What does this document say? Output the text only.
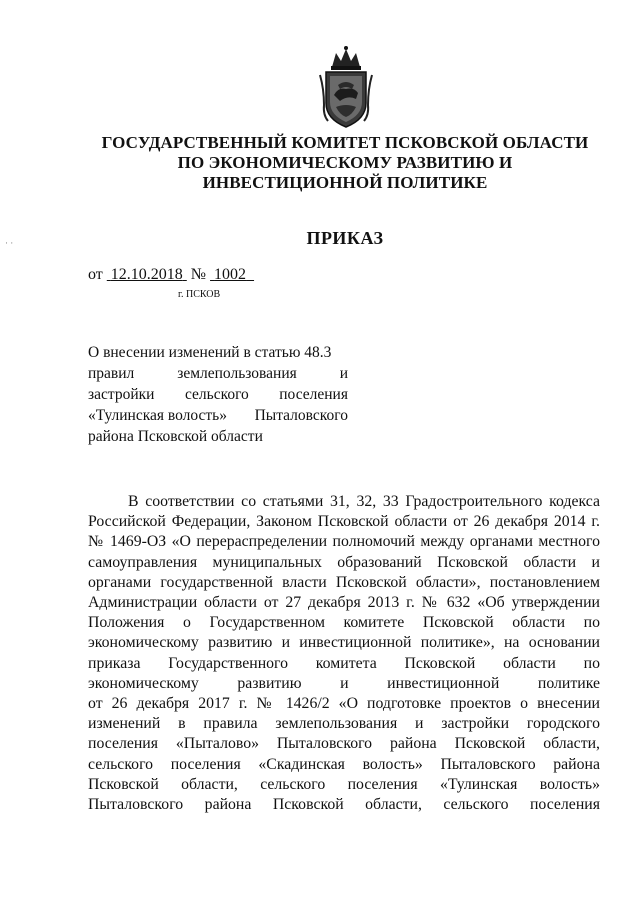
· ·
ГОСУДАРСТВЕННЫЙ КОМИТЕТ ПСКОВСКОЙ ОБЛАСТИ
ПО ЭКОНОМИЧЕСКОМУ РАЗВИТИЮ И
ИНВЕСТИЦИОННОЙ ПОЛИТИКЕ
ПРИКАЗ
от 12.10.2018 № 1002
г. ПСКОВ
О внесении изменений в статью 48.3
правил	землепользования	и
застройки сельского поселения
«Тулинская волость» Пыталовского
района Псковской области
В соответствии со статьями 31, 32, 33 Градостроительного кодекса
Российской Федерации, Законом Псковской области от 26 декабря 2014 г.
№ 1469-ОЗ «О перераспределении полномочий между органами местного
самоуправления муниципальных образований Псковской области и
органами государственной власти Псковской области», постановлением
Администрации области от 27 декабря 2013 г. № 632 «Об утверждении
Положения о Государственном комитете Псковской области по
экономическому развитию и инвестиционной политике», на основании
приказа Государственного комитета Псковской области по
экономическому развитию и инвестиционной политике
от 26 декабря 2017 г. № 1426/2 «О подготовке проектов о внесении
изменений в правила землепользования и застройки городского
поселения «Пыталово» Пыталовского района Псковской области,
сельского поселения «Скадинская волость» Пыталовского района
Псковской области, сельского поселения «Тулинская волость»
Пыталовского района Псковской области, сельского поселения
